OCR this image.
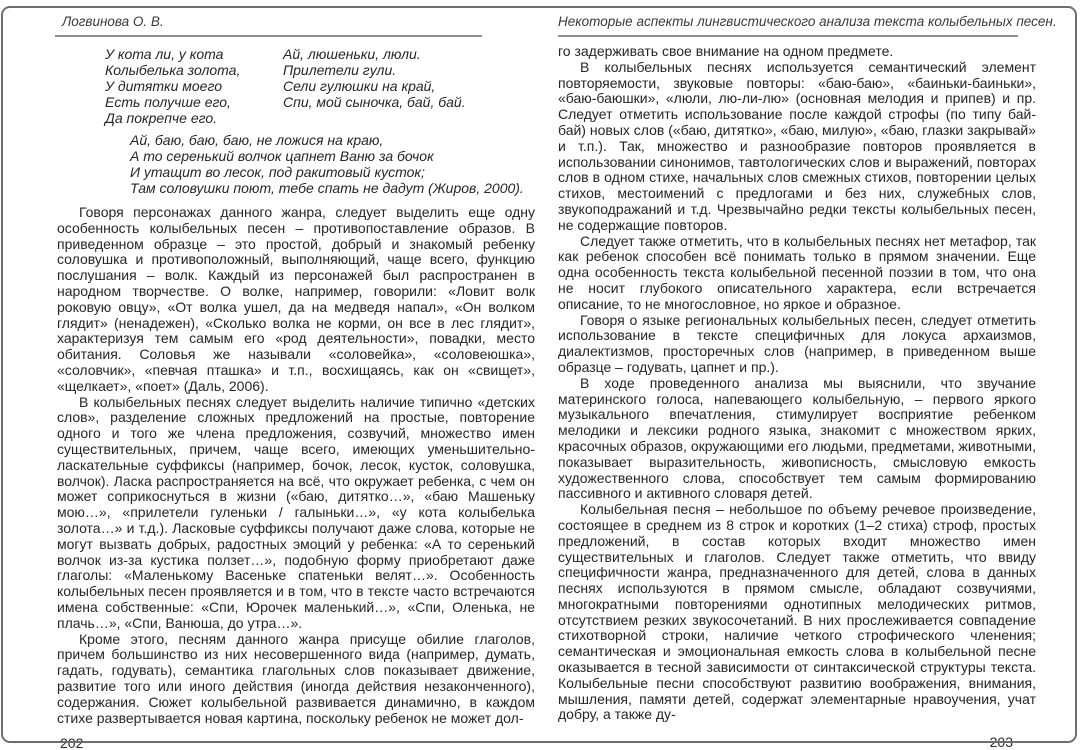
Логвинова О. В.
У кота ли, у кота
Колыбелька золота,
У дитятки моего
Есть получше его,
Да покрепче его.
Ай, люшеньки, люли.
Прилетели гули.
Сели гулюшки на край,
Спи, мой сыночка, бай, бай.
Ай, баю, баю, баю, не ложися на краю,
А то серенький волчок цапнет Ваню за бочок
И утащит во лесок, под ракитовый кусток;
Там соловушки поют, тебе спать не дадут (Жиров, 2000).

Говоря персонажах данного жанра, следует выделить еще одну особенность колыбельных песен – противопоставление образов. В приведенном образце – это простой, добрый и знакомый ребенку соловушка и противоположный, выполняющий, чаще всего, функцию послушания – волк. Каждый из персонажей был распространен в народном творчестве. О волке, например, говорили: «Ловит волк роковую овцу», «От волка ушел, да на медведя напал», «Он волком глядит» (ненадежен), «Сколько волка не корми, он все в лес глядит», характеризуя тем самым его «род деятельности», повадки, место обитания. Соловья же называли «соловейка», «соловеюшка», «соловчик», «певчая пташка» и т.п., восхищаясь, как он «свищет», «щелкает», «поет» (Даль, 2006).

В колыбельных песнях следует выделить наличие типично «детских слов», разделение сложных предложений на простые, повторение одного и того же члена предложения, созвучий, множество имен существительных, причем, чаще всего, имеющих уменьшительно-ласкательные суффиксы (например, бочок, лесок, кусток, соловушка, волчок). Ласка распространяется на всё, что окружает ребенка, с чем он может соприкоснуться в жизни («баю, дитятко…», «баю Машеньку мою…», «прилетели гуленьки / галыньки…», «у кота колыбелька золота…» и т.д.). Ласковые суффиксы получают даже слова, которые не могут вызвать добрых, радостных эмоций у ребенка: «А то серенький волчок из-за кустика ползет…», подобную форму приобретают даже глаголы: «Маленькому Васеньке спатеньки велят…». Особенность колыбельных песен проявляется и в том, что в тексте часто встречаются имена собственные: «Спи, Юрочек маленький…», «Спи, Оленька, не плачь…», «Спи, Ванюша, до утра…».

Кроме этого, песням данного жанра присуще обилие глаголов, причем большинство из них несовершенного вида (например, думать, гадать, годувать), семантика глагольных слов показывает движение, развитие того или иного действия (иногда действия незаконченного), содержания. Сюжет колыбельной развивается динамично, в каждом стихе развертывается новая картина, поскольку ребенок не может дол-

202
Некоторые аспекты лингвистического анализа текста колыбельных песен.

го задерживать свое внимание на одном предмете.

В колыбельных песнях используется семантический элемент повторяемости, звуковые повторы: «баю-баю», «баиньки-баиньки», «баю-баюшки», «люли, лю-ли-лю» (основная мелодия и припев) и пр. Следует отметить использование после каждой строфы (по типу бай-бай) новых слов («баю, дитятко», «баю, милую», «баю, глазки закрывай» и т.п.). Так, множество и разнообразие повторов проявляется в использовании синонимов, тавтологических слов и выражений, повторах слов в одном стихе, начальных слов смежных стихов, повторении целых стихов, местоимений с предлогами и без них, служебных слов, звукоподражаний и т.д. Чрезвычайно редки тексты колыбельных песен, не содержащие повторов.

Следует также отметить, что в колыбельных песнях нет метафор, так как ребенок способен всё понимать только в прямом значении. Еще одна особенность текста колыбельной песенной поэзии в том, что она не носит глубокого описательного характера, если встречается описание, то не многословное, но яркое и образное.

Говоря о языке региональных колыбельных песен, следует отметить использование в тексте специфичных для локуса архаизмов, диалектизмов, просторечных слов (например, в приведенном выше образце – годувать, цапнет и пр.).

В ходе проведенного анализа мы выяснили, что звучание материнского голоса, напевающего колыбельную, – первого яркого музыкального впечатления, стимулирует восприятие ребенком мелодики и лексики родного языка, знакомит с множеством ярких, красочных образов, окружающими его людьми, предметами, животными, показывает выразительность, живописность, смысловую емкость художественного слова, способствует тем самым формированию пассивного и активного словаря детей.

Колыбельная песня – небольшое по объему речевое произведение, состоящее в среднем из 8 строк и коротких (1–2 стиха) строф, простых предложений, в состав которых входит множество имен существительных и глаголов. Следует также отметить, что ввиду специфичности жанра, предназначенного для детей, слова в данных песнях используются в прямом смысле, обладают созвучиями, многократными повторениями однотипных мелодических ритмов, отсутствием резких звукосочетаний. В них прослеживается совпадение стихотворной строки, наличие четкого строфического членения; семантическая и эмоциональная емкость слова в колыбельной песне оказывается в тесной зависимости от синтаксической структуры текста. Колыбельные песни способствуют развитию воображения, внимания, мышления, памяти детей, содержат элементарные нравоучения, учат добру, а также ду-

203
